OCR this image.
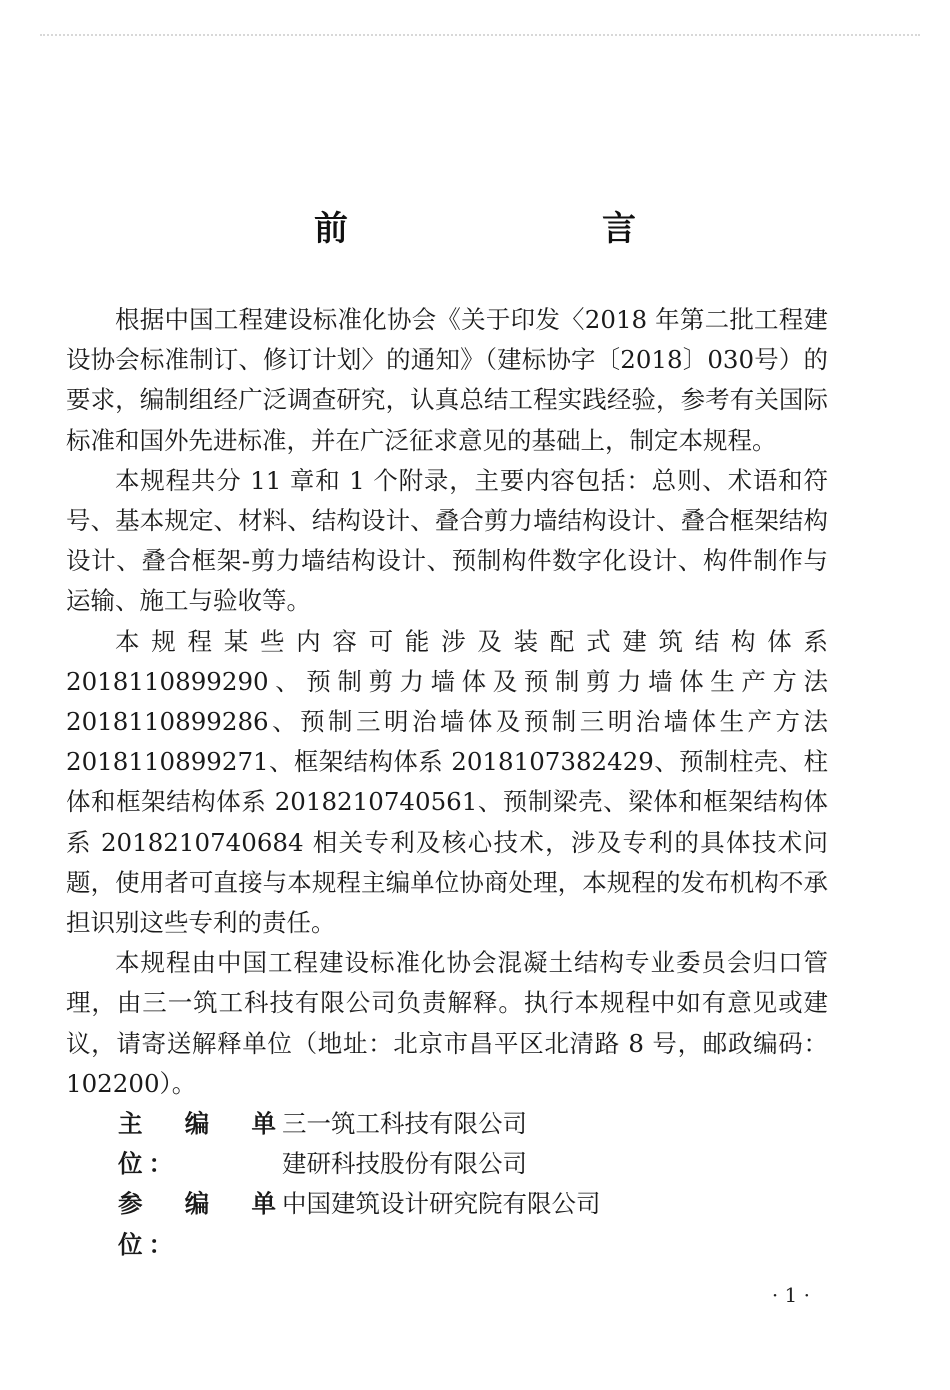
前　　言

根据中国工程建设标准化协会《关于印发〈2018 年第二批工程建设协会标准制订、修订计划〉的通知》（建标协字〔2018〕030号）的要求，编制组经广泛调查研究，认真总结工程实践经验，参考有关国际标准和国外先进标准，并在广泛征求意见的基础上，制定本规程。

本规程共分 11 章和 1 个附录，主要内容包括：总则、术语和符号、基本规定、材料、结构设计、叠合剪力墙结构设计、叠合框架结构设计、叠合框架-剪力墙结构设计、预制构件数字化设计、构件制作与运输、施工与验收等。

本规程某些内容可能涉及装配式建筑结构体系 2018110899290、预制剪力墙体及预制剪力墙体生产方法 2018110899286、预制三明治墙体及预制三明治墙体生产方法 2018110899271、框架结构体系 2018107382429、预制柱壳、柱体和框架结构体系 2018210740561、预制梁壳、梁体和框架结构体系 2018210740684 相关专利及核心技术，涉及专利的具体技术问题，使用者可直接与本规程主编单位协商处理，本规程的发布机构不承担识别这些专利的责任。

本规程由中国工程建设标准化协会混凝土结构专业委员会归口管理，由三一筑工科技有限公司负责解释。执行本规程中如有意见或建议，请寄送解释单位（地址：北京市昌平区北清路 8 号，邮政编码：102200）。

主 编 单 位：
三一筑工科技有限公司
建研科技股份有限公司
参 编 单 位：
中国建筑设计研究院有限公司
· 1 ·
